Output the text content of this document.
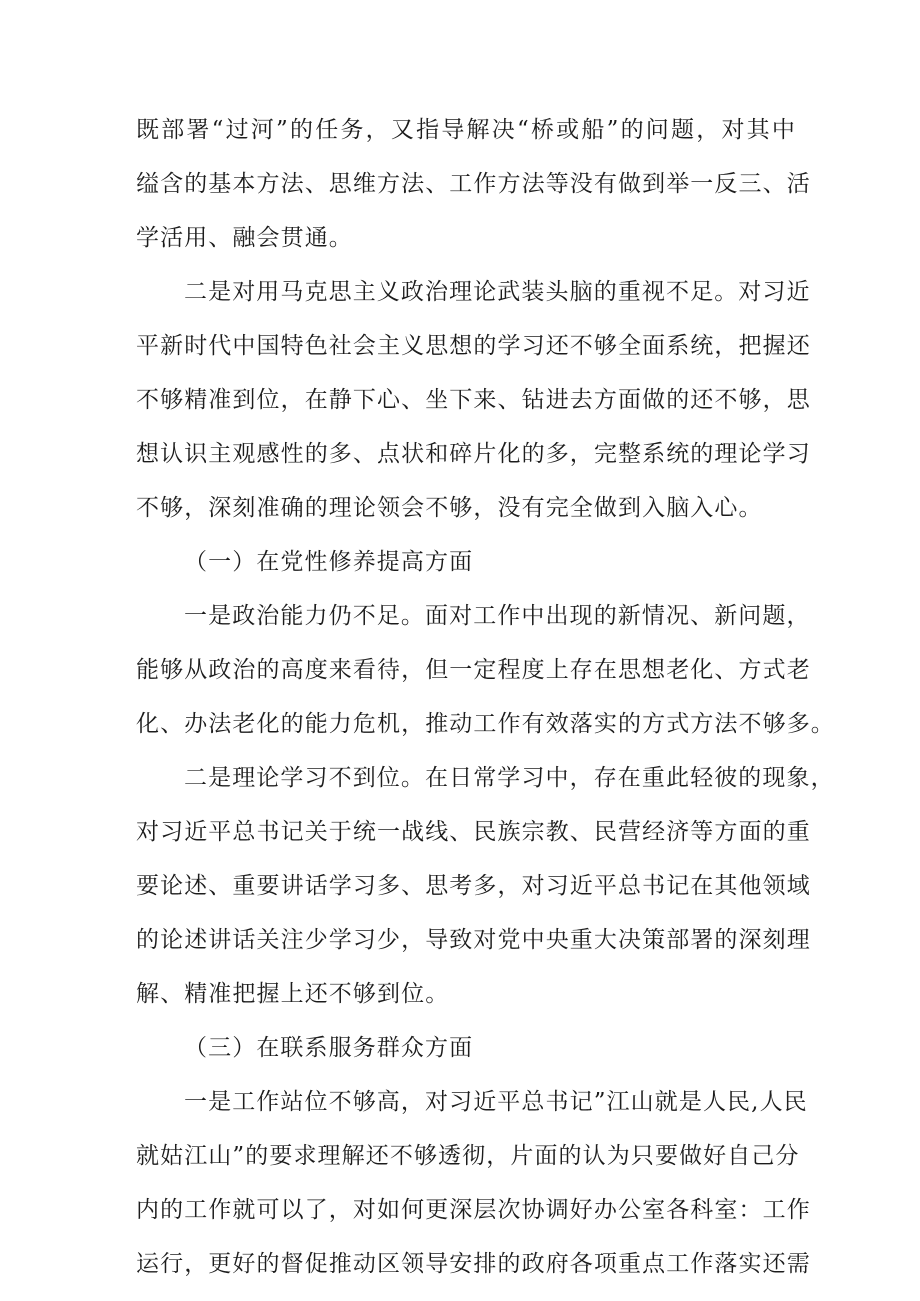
既部署“过河”的任务，又指导解决“桥或船”的问题，对其中
缢含的基本方法、思维方法、工作方法等没有做到举一反三、活
学活用、融会贯通。
二是对用马克思主义政治理论武装头脑的重视不足。对习近
平新时代中国特色社会主义思想的学习还不够全面系统，把握还
不够精准到位，在静下心、坐下来、钻进去方面做的还不够，思
想认识主观感性的多、点状和碎片化的多，完整系统的理论学习
不够，深刻准确的理论领会不够，没有完全做到入脑入心。
（一）在党性修养提高方面
一是政治能力仍不足。面对工作中出现的新情况、新问题，
能够从政治的高度来看待，但一定程度上存在思想老化、方式老
化、办法老化的能力危机，推动工作有效落实的方式方法不够多。
二是理论学习不到位。在日常学习中，存在重此轻彼的现象，
对习近平总书记关于统一战线、民族宗教、民营经济等方面的重
要论述、重要讲话学习多、思考多，对习近平总书记在其他领域
的论述讲话关注少学习少，导致对党中央重大决策部署的深刻理
解、精准把握上还不够到位。
（三）在联系服务群众方面
一是工作站位不够高，对习近平总书记”江山就是人民,人民
就姑江山”的要求理解还不够透彻，片面的认为只要做好自己分
内的工作就可以了，对如何更深层次协调好办公室各科室：工作
运行，更好的督促推动区领导安排的政府各项重点工作落实还需
